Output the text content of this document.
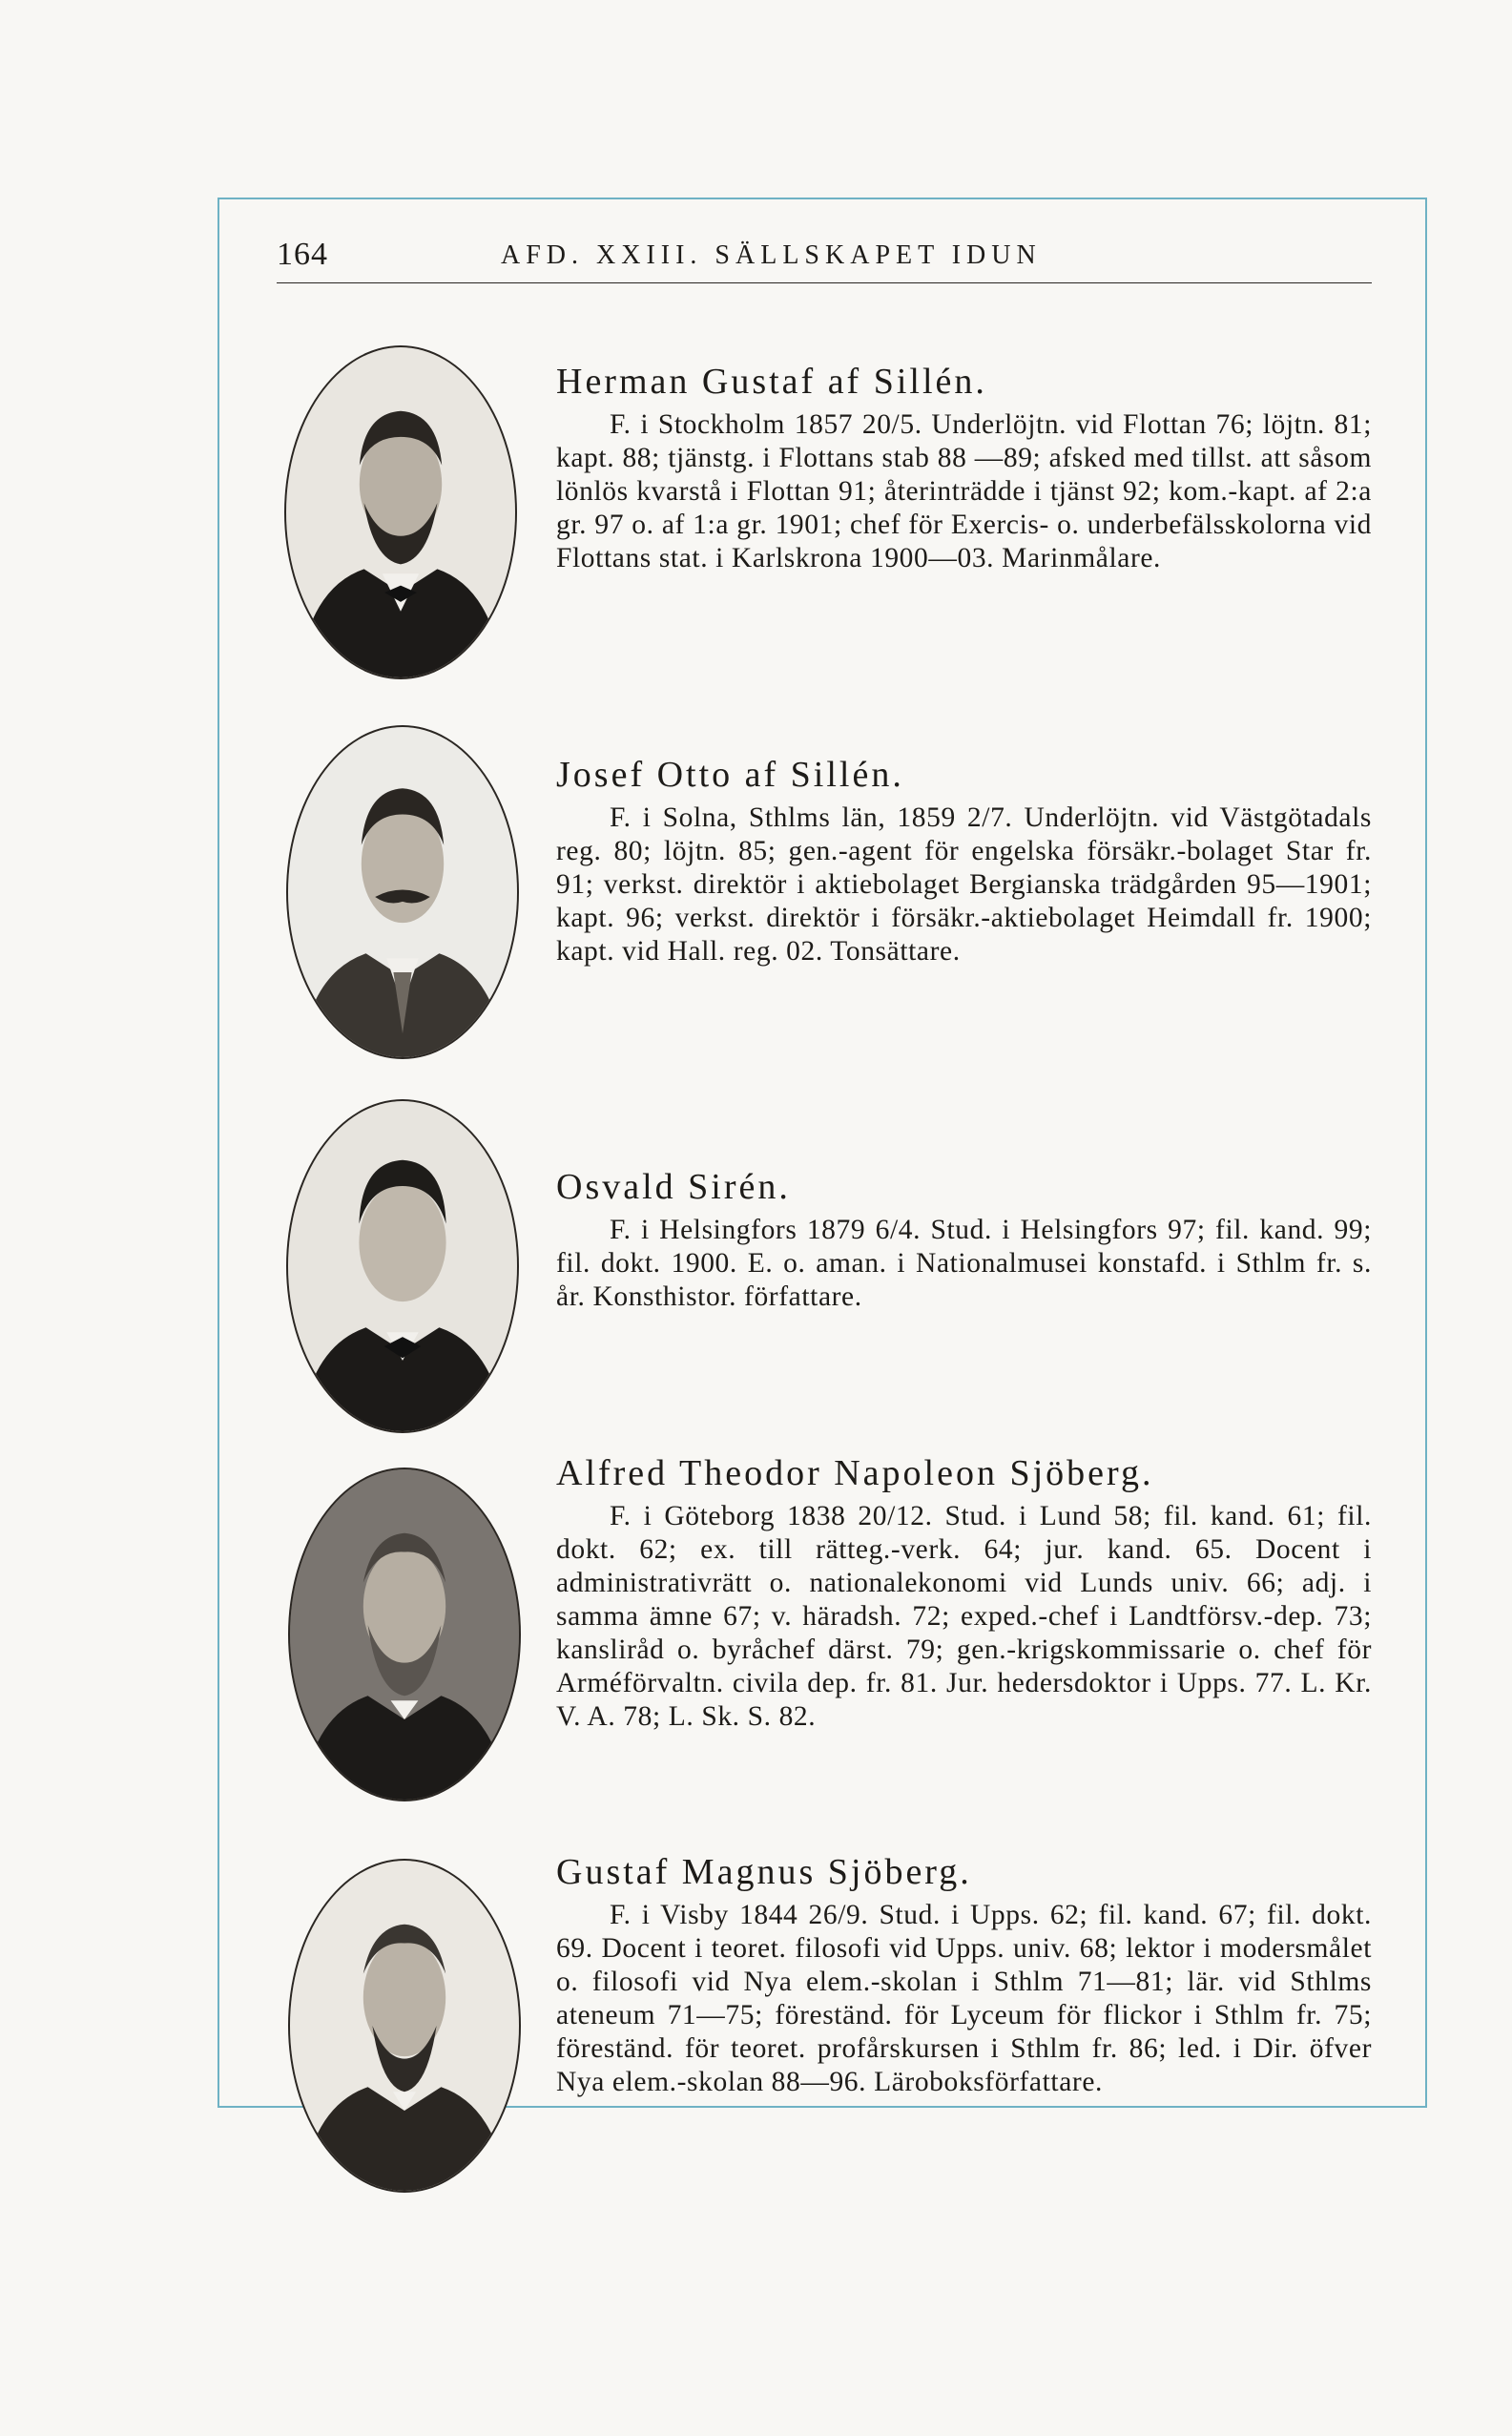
164	AFD. XXIII. SÄLLSKAPET IDUN
Herman Gustaf af Sillén.

F. i Stockholm 1857 20/5. Underlöjtn. vid Flottan 76; löjtn. 81; kapt. 88; tjänstg. i Flottans stab 88 —89; afsked med tillst. att såsom lönlös kvarstå i Flottan 91; återinträdde i tjänst 92; kom.-kapt. af 2:a gr. 97 o. af 1:a gr. 1901; chef för Exercis- o. underbefälsskolorna vid Flottans stat. i Karlskrona 1900—03. Marinmålare.

Josef Otto af Sillén.

F. i Solna, Sthlms län, 1859 2/7. Underlöjtn. vid Västgötadals reg. 80; löjtn. 85; gen.-agent för engelska försäkr.-bolaget Star fr. 91; verkst. direktör i aktiebolaget Bergianska trädgården 95—1901; kapt. 96; verkst. direktör i försäkr.-aktiebolaget Heimdall fr. 1900; kapt. vid Hall. reg. 02. Tonsättare.

Osvald Sirén.

F. i Helsingfors 1879 6/4. Stud. i Helsingfors 97; fil. kand. 99; fil. dokt. 1900. E. o. aman. i Nationalmusei konstafd. i Sthlm fr. s. år. Konsthistor. författare.

Alfred Theodor Napoleon Sjöberg.

F. i Göteborg 1838 20/12. Stud. i Lund 58; fil. kand. 61; fil. dokt. 62; ex. till rätteg.-verk. 64; jur. kand. 65. Docent i administrativrätt o. nationalekonomi vid Lunds univ. 66; adj. i samma ämne 67; v. häradsh. 72; exped.-chef i Landtförsv.-dep. 73; kansliråd o. byråchef därst. 79; gen.-krigskommissarie o. chef för Arméförvaltn. civila dep. fr. 81. Jur. hedersdoktor i Upps. 77. L. Kr. V. A. 78; L. Sk. S. 82.

Gustaf Magnus Sjöberg.

F. i Visby 1844 26/9. Stud. i Upps. 62; fil. kand. 67; fil. dokt. 69. Docent i teoret. filosofi vid Upps. univ. 68; lektor i modersmålet o. filosofi vid Nya elem.-skolan i Sthlm 71—81; lär. vid Sthlms ateneum 71—75; föreständ. för Lyceum för flickor i Sthlm fr. 75; föreständ. för teoret. profårskursen i Sthlm fr. 86; led. i Dir. öfver Nya elem.-skolan 88—96. Läroboksförfattare.
